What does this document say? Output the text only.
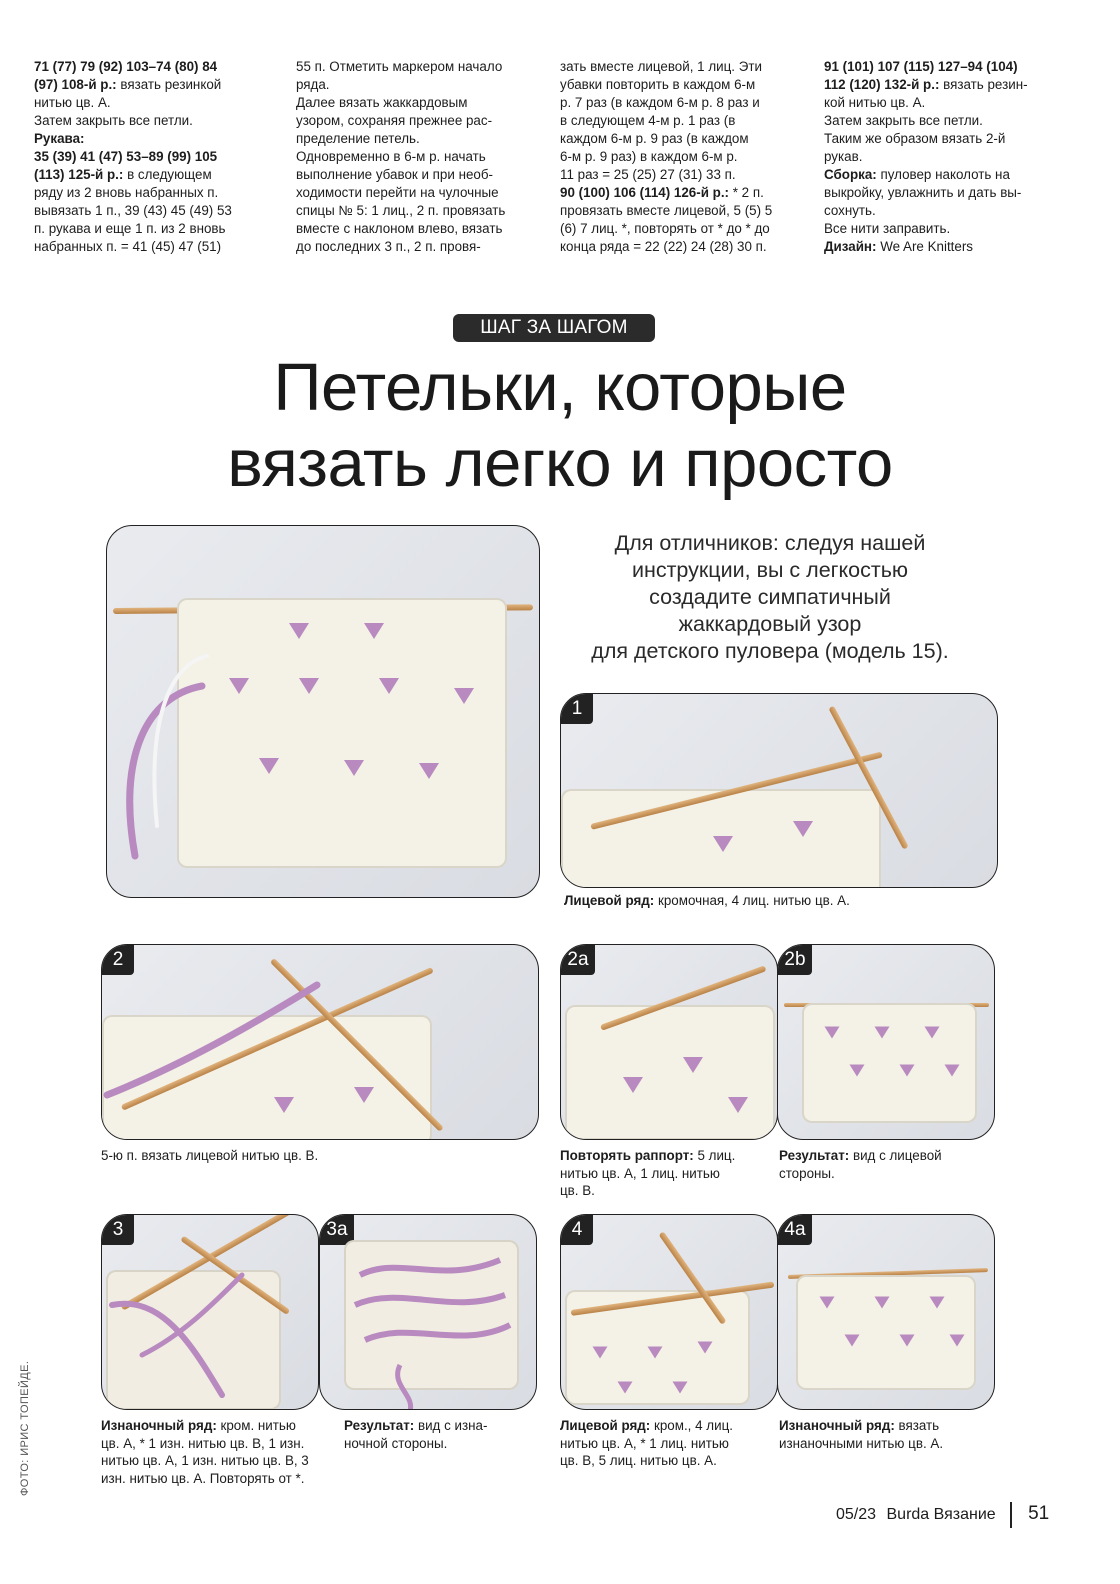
71 (77) 79 (92) 103–74 (80) 84

(97) 108-й р.: вязать резинкой

нитью цв. A.

Затем закрыть все петли.

Рукава:

35 (39) 41 (47) 53–89 (99) 105

(113) 125-й р.: в следующем

ряду из 2 вновь набранных п.

вывязать 1 п., 39 (43) 45 (49) 53

п. рукава и еще 1 п. из 2 вновь

набранных п. = 41 (45) 47 (51)

55 п. Отметить маркером начало

ряда.

Далее вязать жаккардовым

узором, сохраняя прежнее рас-

пределение петель.

Одновременно в 6-м р. начать

выполнение убавок и при необ-

ходимости перейти на чулочные

спицы № 5: 1 лиц., 2 п. провязать

вместе с наклоном влево, вязать

до последних 3 п., 2 п. провя-

зать вместе лицевой, 1 лиц. Эти

убавки повторить в каждом 6-м

р. 7 раз (в каждом 6-м р. 8 раз и

в следующем 4-м р. 1 раз (в

каждом 6-м р. 9 раз (в каждом

6-м р. 9 раз) в каждом 6-м р.

11 раз = 25 (25) 27 (31) 33 п.

90 (100) 106 (114) 126-й р.: * 2 п.

провязать вместе лицевой, 5 (5) 5

(6) 7 лиц. *, повторять от * до * до

конца ряда = 22 (22) 24 (28) 30 п.

91 (101) 107 (115) 127–94 (104)

112 (120) 132-й р.: вязать резин-

кой нитью цв. A.

Затем закрыть все петли.

Таким же образом вязать 2-й

рукав.

Сборка: пуловер наколоть на

выкройку, увлажнить и дать вы-

сохнуть.

Все нити заправить.

Дизайн: We Are Knitters

ШАГ ЗА ШАГОМ
Петельки, которые
вязать легко и просто
Для отличников: следуя нашей
инструкции, вы с легкостью
создадите симпатичный
жаккардовый узор
для детского пуловера (модель 15).
1
Лицевой ряд: кромочная, 4 лиц. нитью цв. A.
2
5-ю п. вязать лицевой нитью цв. B.
2a
Повторять раппорт: 5 лиц.
нитью цв. A, 1 лиц. нитью
цв. B.
2b
Результат: вид с лицевой
стороны.
3
Изнаночный ряд: кром. нитью
цв. A, * 1 изн. нитью цв. B, 1 изн.
нитью цв. A, 1 изн. нитью цв. B, 3
изн. нитью цв. A. Повторять от *.
3a
Результат: вид с изна-
ночной стороны.
4
Лицевой ряд: кром., 4 лиц.
нитью цв. A, * 1 лиц. нитью
цв. B, 5 лиц. нитью цв. A.
4a
Изнаночный ряд: вязать
изнаночными нитью цв. A.
ФОТО: ИРИС ТОПЕЙДЕ.
05/23 Burda Вязание 51
